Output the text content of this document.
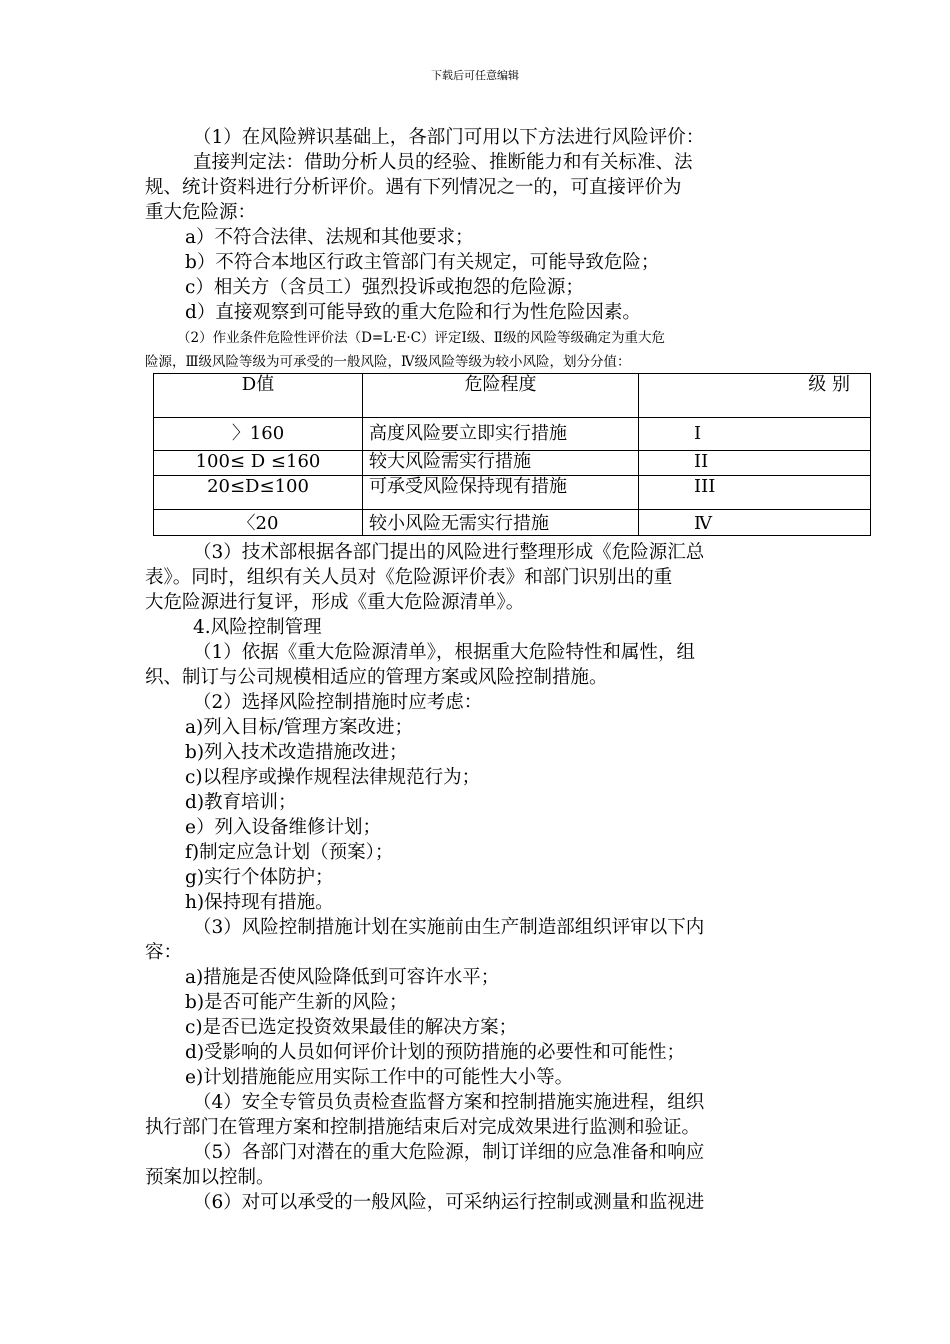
下载后可任意编辑
（1）在风险辨识基础上，各部门可用以下方法进行风险评价：
直接判定法：借助分析人员的经验、推断能力和有关标准、法
规、统计资料进行分析评价。遇有下列情况之一的，可直接评价为
重大危险源：
a）不符合法律、法规和其他要求；
b）不符合本地区行政主管部门有关规定，可能导致危险；
c）相关方（含员工）强烈投诉或抱怨的危险源；
d）直接观察到可能导致的重大危险和行为性危险因素。
（2）作业条件危险性评价法（D=L·E·C）评定Ⅰ级、Ⅱ级的风险等级确定为重大危
险源，Ⅲ级风险等级为可承受的一般风险，Ⅳ级风险等级为较小风险，划分分值：
（3）技术部根据各部门提出的风险进行整理形成《危险源汇总
表》。同时，组织有关人员对《危险源评价表》和部门识别出的重
大危险源进行复评，形成《重大危险源清单》。
4.风险控制管理
（1）依据《重大危险源清单》，根据重大危险特性和属性，组
织、制订与公司规模相适应的管理方案或风险控制措施。
（2）选择风险控制措施时应考虑：
a)列入目标/管理方案改进；
b)列入技术改造措施改进；
c)以程序或操作规程法律规范行为；
d)教育培训；
e）列入设备维修计划；
f)制定应急计划（预案）；
g)实行个体防护；
h)保持现有措施。
（3）风险控制措施计划在实施前由生产制造部组织评审以下内
容：
a)措施是否使风险降低到可容许水平；
b)是否可能产生新的风险；
c)是否已选定投资效果最佳的解决方案；
d)受影响的人员如何评价计划的预防措施的必要性和可能性；
e)计划措施能应用实际工作中的可能性大小等。
（4）安全专管员负责检查监督方案和控制措施实施进程，组织
执行部门在管理方案和控制措施结束后对完成效果进行监测和验证。
（5）各部门对潜在的重大危险源，制订详细的应急准备和响应
预案加以控制。
（6）对可以承受的一般风险，可采纳运行控制或测量和监视进
D值	危险程度	级 别
〉160	高度风险要立即实行措施	I
100≤ D ≤160	较大风险需实行措施	II
20≤D≤100	可承受风险保持现有措施	III
〈20	较小风险无需实行措施	Ⅳ
